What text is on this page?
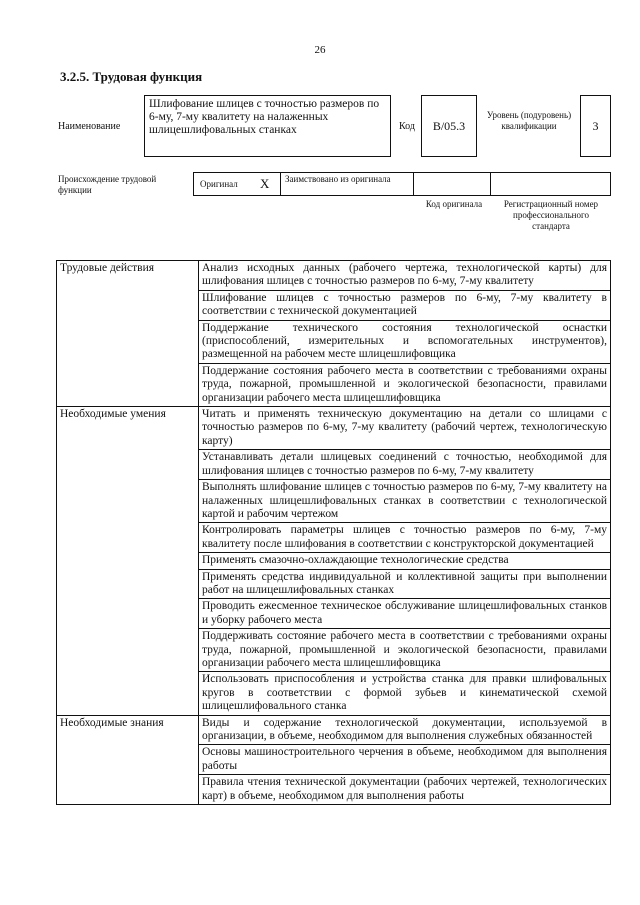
26
3.2.5. Трудовая функция
Наименование
Шлифование шлицев с точностью размеров по 6-му, 7-му квалитету на налаженных шлицешлифовальных станках	Код	B/05.3
Уровень (подуровень) квалификации	3
Происхождение трудовой функции
Оригинал	X	Заимствовано из оригинала
Код оригинала	Регистрационный номер профессионального стандарта
Трудовые действия	Анализ исходных данных (рабочего чертежа, технологической карты) для шлифования шлицев с точностью размеров по 6-му, 7-му квалитету
	Шлифование шлицев с точностью размеров по 6-му, 7-му квалитету в соответствии с технической документацией
	Поддержание технического состояния технологической оснастки (приспособлений, измерительных и вспомогательных инструментов), размещенной на рабочем месте шлицешлифовщика
	Поддержание состояния рабочего места в соответствии с требованиями охраны труда, пожарной, промышленной и экологической безопасности, правилами организации рабочего места шлицешлифовщика
Необходимые умения	Читать и применять техническую документацию на детали со шлицами с точностью размеров по 6-му, 7-му квалитету (рабочий чертеж, технологическую карту)
	Устанавливать детали шлицевых соединений с точностью, необходимой для шлифования шлицев с точностью размеров по 6-му, 7-му квалитету
	Выполнять шлифование шлицев с точностью размеров по 6-му, 7-му квалитету на налаженных шлицешлифовальных станках в соответствии с технологической картой и рабочим чертежом
	Контролировать параметры шлицев с точностью размеров по 6-му, 7-му квалитету после шлифования в соответствии с конструкторской документацией
	Применять смазочно-охлаждающие технологические средства
	Применять средства индивидуальной и коллективной защиты при выполнении работ на шлицешлифовальных станках
	Проводить ежесменное техническое обслуживание шлицешлифовальных станков и уборку рабочего места
	Поддерживать состояние рабочего места в соответствии с требованиями охраны труда, пожарной, промышленной и экологической безопасности, правилами организации рабочего места шлицешлифовщика
	Использовать приспособления и устройства станка для правки шлифовальных кругов в соответствии с формой зубьев и кинематической схемой шлицешлифовального станка
Необходимые знания	Виды и содержание технологической документации, используемой в организации, в объеме, необходимом для выполнения служебных обязанностей
	Основы машиностроительного черчения в объеме, необходимом для выполнения работы
	Правила чтения технической документации (рабочих чертежей, технологических карт) в объеме, необходимом для выполнения работы
